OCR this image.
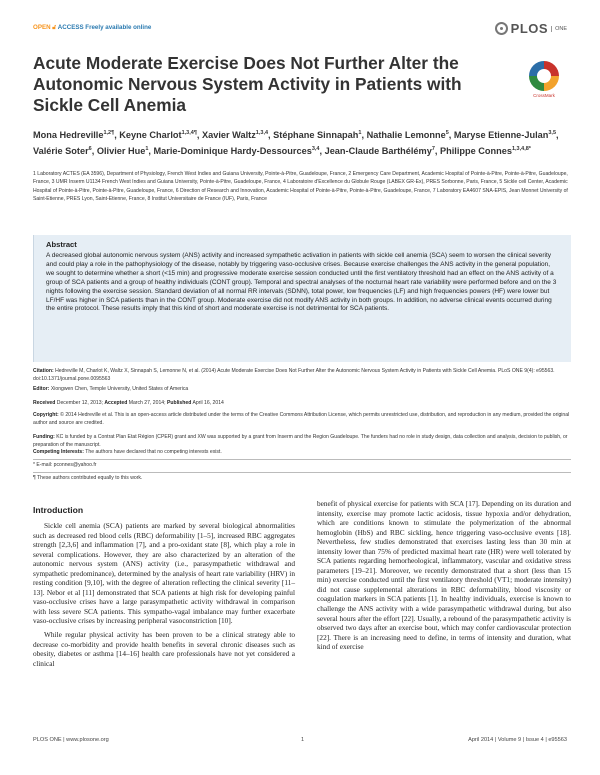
OPEN 🔓︎ ACCESS Freely available online	PLOS	ONE
Acute Moderate Exercise Does Not Further Alter the Autonomic Nervous System Activity in Patients with Sickle Cell Anemia	CrossMark
Mona Hedreville$^{1,2\P}$, Keyne Charlot$^{1,3,4\P}$, Xavier Waltz$^{1,3,4}$, Stéphane Sinnapah$^1$, Nathalie Lemonne$^5$, Maryse Etienne-Julan$^{3,5}$, Valérie Soter$^6$, Olivier Hue$^1$, Marie-Dominique Hardy-Dessources$^{3,4}$, Jean-Claude Barthélémy$^7$, Philippe Connes$^{1,3,4,8*}$
1 Laboratory ACTES (EA 3596), Department of Physiology, French West Indies and Guiana University, Pointe-à-Pitre, Guadeloupe, France, 2 Emergency Care Department, Academic Hospital of Pointe-à-Pitre, Pointe-à-Pitre, Guadeloupe, France, 3 UMR Inserm U1134 French West Indies and Guiana University, Pointe-à-Pitre, Guadeloupe, France, 4 Laboratoire d'Excellence du Globule Rouge (LABEX GR-Ex), PRES Sorbonne, Paris, France, 5 Sickle cell Center, Academic Hospital of Pointe-à-Pitre, Pointe-à-Pitre, Guadeloupe, France, 6 Direction of Research and Innovation, Academic Hospital of Pointe-à-Pitre, Pointe-à-Pitre, Guadeloupe, France, 7 Laboratory EA4607 SNA-EPIS, Jean Monnet University of Saint-Etienne, PRES Lyon, Saint-Etienne, France, 8 Institut Universitaire de France (IUF), Paris, France
Abstract
A decreased global autonomic nervous system (ANS) activity and increased sympathetic activation in patients with sickle cell anemia (SCA) seem to worsen the clinical severity and could play a role in the pathophysiology of the disease, notably by triggering vaso-occlusive crises. Because exercise challenges the ANS activity in the general population, we sought to determine whether a short (<15 min) and progressive moderate exercise session conducted until the first ventilatory threshold had an effect on the ANS activity of a group of SCA patients and a group of healthy individuals (CONT group). Temporal and spectral analyses of the nocturnal heart rate variability were performed before and on the 3 nights following the exercise session. Standard deviation of all normal RR intervals (SDNN), total power, low frequencies (LF) and high frequencies powers (HF) were lower but LF/HF was higher in SCA patients than in the CONT group. Moderate exercise did not modify ANS activity in both groups. In addition, no adverse clinical events occurred during the entire protocol. These results imply that this kind of short and moderate exercise is not detrimental for SCA patients.
Citation: Hedreville M, Charlot K, Waltz X, Sinnapah S, Lemonne N, et al. (2014) Acute Moderate Exercise Does Not Further Alter the Autonomic Nervous System Activity in Patients with Sickle Cell Anemia. PLoS ONE 9(4): e95563. doi:10.1371/journal.pone.0095563
Editor: Xiongwen Chen, Temple University, United States of America
Received December 12, 2013; Accepted March 27, 2014; Published April 16, 2014
Copyright: © 2014 Hedreville et al. This is an open-access article distributed under the terms of the Creative Commons Attribution License, which permits unrestricted use, distribution, and reproduction in any medium, provided the original author and source are credited.
Funding: KC is funded by a Contrat Plan Etat Région (CPER) grant and XW was supported by a grant from Inserm and the Region Guadeloupe. The funders had no role in study design, data collection and analysis, decision to publish, or preparation of the manuscript.
Competing Interests: The authors have declared that no competing interests exist.
* E-mail: pconnes@yahoo.fr
¶ These authors contributed equally to this work.
Introduction

Sickle cell anemia (SCA) patients are marked by several biological abnormalities such as decreased red blood cells (RBC) deformability [1–5], increased RBC aggregates strength [2,3,6] and inflammation [7], and a pro-oxidant state [8], which play a role in several complications. However, they are also characterized by an alteration of the autonomic nervous system (ANS) activity (i.e., parasympathetic withdrawal and sympathetic predominance), determined by the analysis of heart rate variability (HRV) in resting condition [9,10], with the degree of alteration reflecting the clinical severity [11–13]. Nebor et al [11] demonstrated that SCA patients at high risk for developing painful vaso-occlusive crises have a large parasympathetic activity withdrawal in comparison with less severe SCA patients. This sympatho-vagal imbalance may further exacerbate vaso-occlusive crises by increasing peripheral vasoconstriction [10].

While regular physical activity has been proven to be a clinical strategy able to decrease co-morbidity and provide health benefits in several chronic diseases such as obesity, diabetes or asthma [14–16] health care professionals have not yet considered a clinical

benefit of physical exercise for patients with SCA [17]. Depending on its duration and intensity, exercise may promote lactic acidosis, tissue hypoxia and/or dehydration, which are conditions known to stimulate the polymerization of the abnormal hemoglobin (HbS) and RBC sickling, hence triggering vaso-occlusive events [18]. Nevertheless, few studies demonstrated that exercises lasting less than 30 min at intensity lower than 75% of predicted maximal heart rate (HR) were well tolerated by SCA patients regarding hemorheological, inflammatory, vascular and oxidative stress parameters [19–21]. Moreover, we recently demonstrated that a short (less than 15 min) exercise conducted until the first ventilatory threshold (VT1; moderate intensity) did not cause supplemental alterations in RBC deformability, blood viscosity or coagulation markers in SCA patients [1]. In healthy individuals, exercise is known to challenge the ANS activity with a wide parasympathetic withdrawal during, but also several hours after the effort [22]. Usually, a rebound of the parasympathetic activity is observed two days after an exercise bout, which may confer cardiovascular protection [22]. There is an increasing need to define, in terms of intensity and duration, what kind of exercise

PLOS ONE | www.plosone.org	1	April 2014 | Volume 9 | Issue 4 | e95563
